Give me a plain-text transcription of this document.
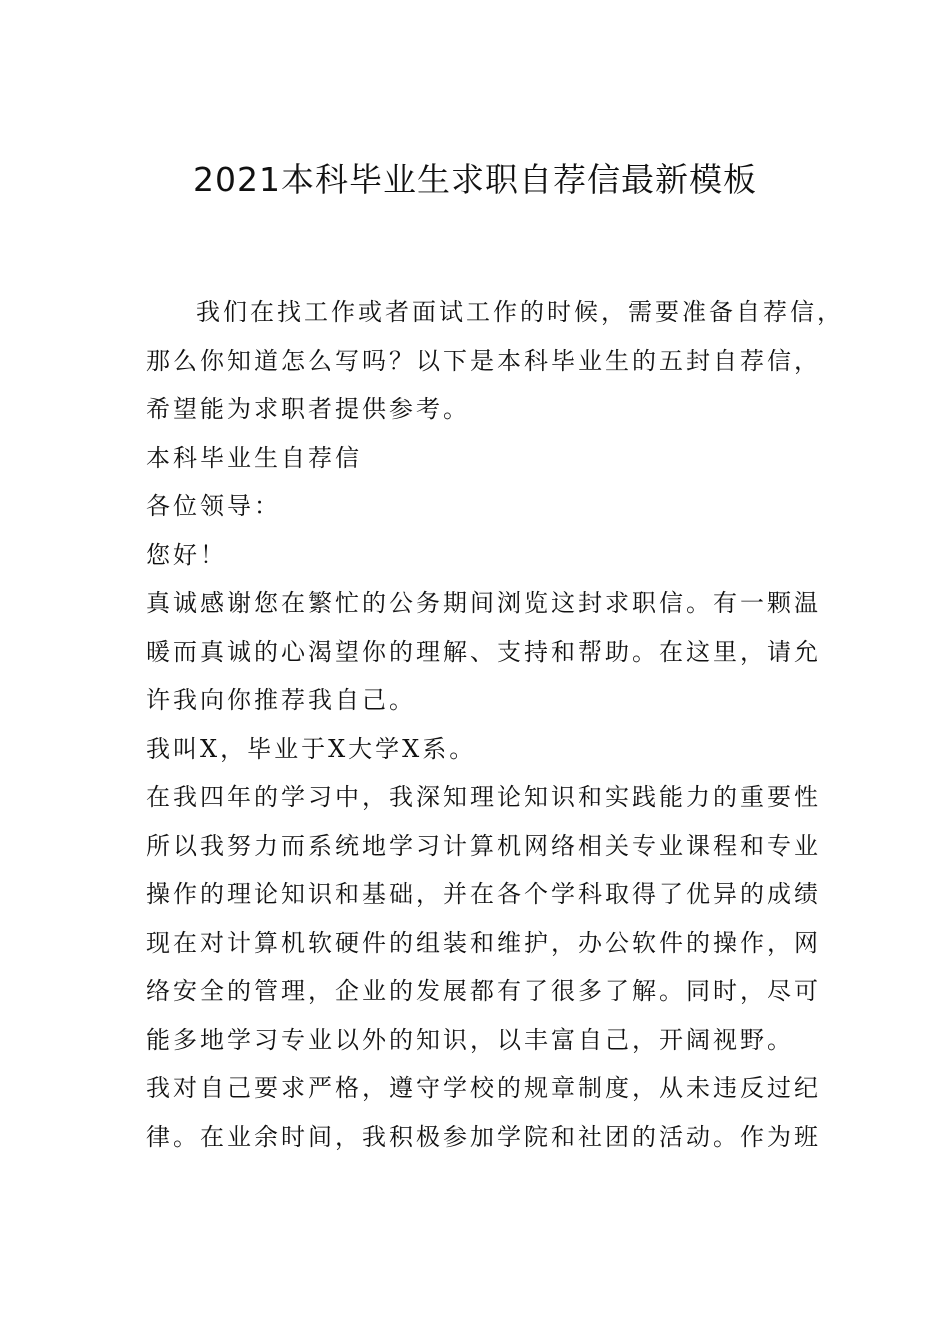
2021本科毕业生求职自荐信最新模板
我们在找工作或者面试工作的时候，需要准备自荐信，
那么你知道怎么写吗？以下是本科毕业生的五封自荐信，
希望能为求职者提供参考。
本科毕业生自荐信
各位领导：
您好！
真诚感谢您在繁忙的公务期间浏览这封求职信。有一颗温
暖而真诚的心渴望你的理解、支持和帮助。在这里，请允
许我向你推荐我自己。
我叫X，毕业于X大学X系。
在我四年的学习中，我深知理论知识和实践能力的重要性
所以我努力而系统地学习计算机网络相关专业课程和专业
操作的理论知识和基础，并在各个学科取得了优异的成绩
现在对计算机软硬件的组装和维护，办公软件的操作，网
络安全的管理，企业的发展都有了很多了解。同时，尽可
能多地学习专业以外的知识，以丰富自己，开阔视野。
我对自己要求严格，遵守学校的规章制度，从未违反过纪
律。在业余时间，我积极参加学院和社团的活动。作为班
